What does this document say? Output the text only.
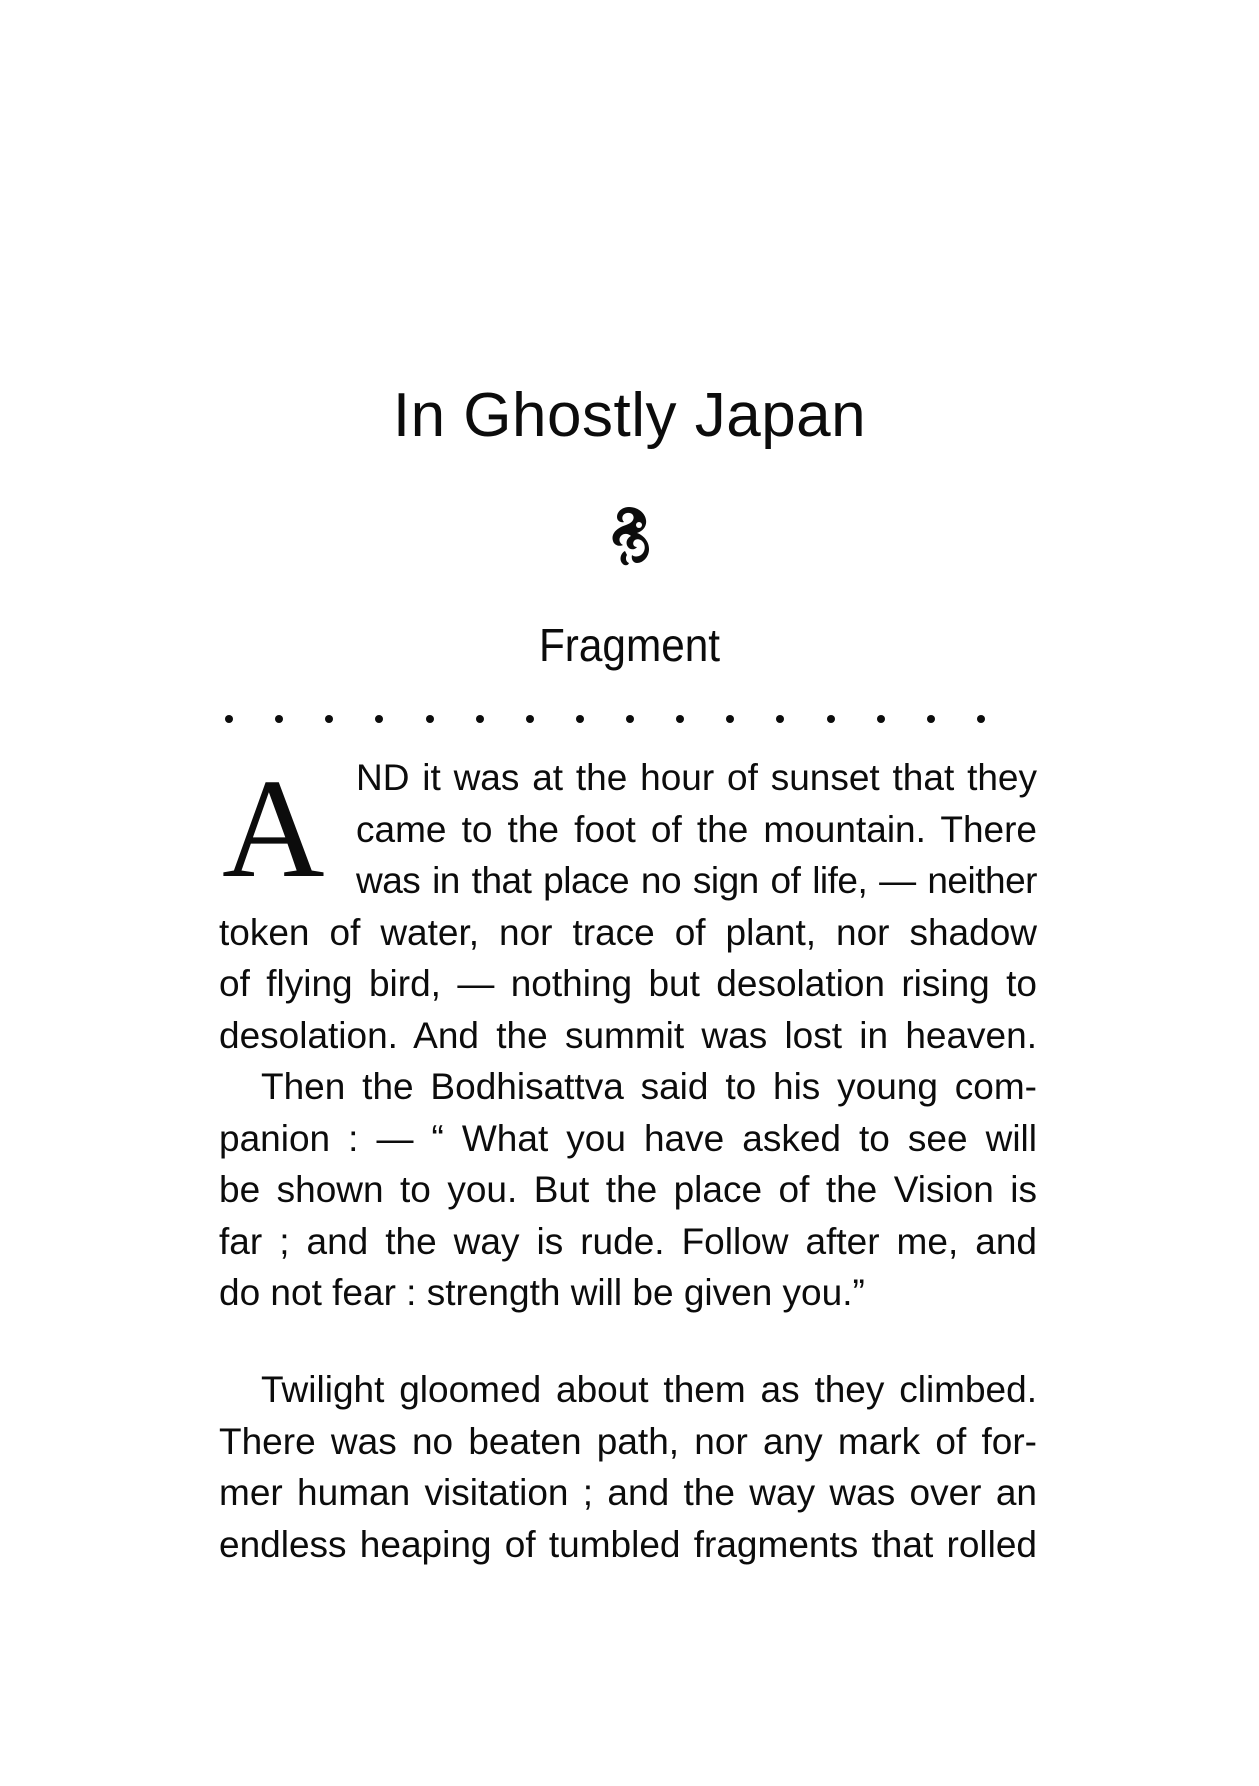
In Ghostly Japan
Fragment
A ND it was at the hour of sunset that they
came to the foot of the mountain. There
was in that place no sign of life, — neither
token of water, nor trace of plant, nor shadow
of flying bird, — nothing but desolation rising to
desolation. And the summit was lost in heaven.
Then the Bodhisattva said to his young com-
panion : — “ What you have asked to see will
be shown to you. But the place of the Vision is
far ; and the way is rude. Follow after me, and
do not fear : strength will be given you.”
Twilight gloomed about them as they climbed.
There was no beaten path, nor any mark of for-
mer human visitation ; and the way was over an
endless heaping of tumbled fragments that rolled
